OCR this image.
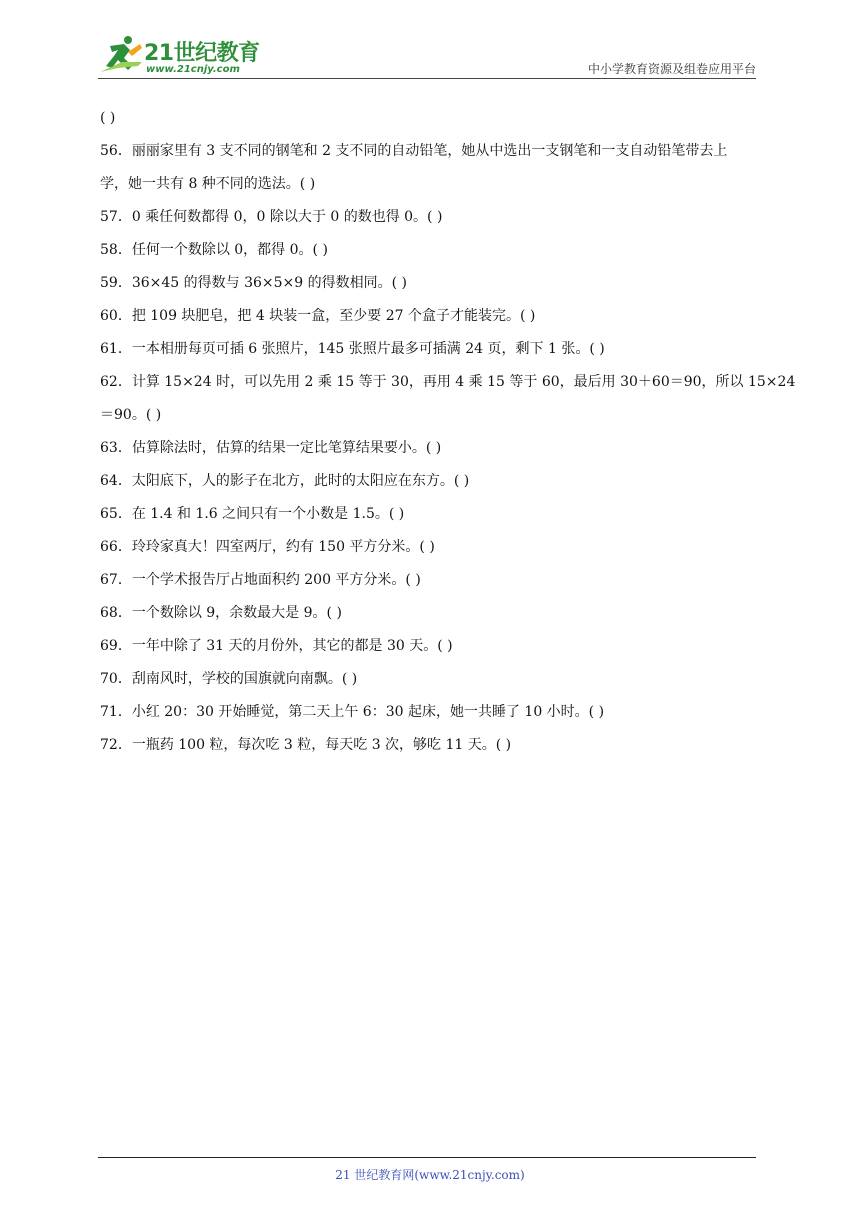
21世纪教育
www.21cnjy.com	中小学教育资源及组卷应用平台
( )
56．丽丽家里有 3 支不同的钢笔和 2 支不同的自动铅笔，她从中选出一支钢笔和一支自动铅笔带去上
学，她一共有 8 种不同的选法。( )
57．0 乘任何数都得 0，0 除以大于 0 的数也得 0。( )
58．任何一个数除以 0，都得 0。( )
59．36×45 的得数与 36×5×9 的得数相同。( )
60．把 109 块肥皂，把 4 块装一盒，至少要 27 个盒子才能装完。( )
61．一本相册每页可插 6 张照片，145 张照片最多可插满 24 页，剩下 1 张。( )
62．计算 15×24 时，可以先用 2 乘 15 等于 30，再用 4 乘 15 等于 60，最后用 30＋60＝90，所以 15×24
＝90。( )
63．估算除法时，估算的结果一定比笔算结果要小。( )
64．太阳底下，人的影子在北方，此时的太阳应在东方。( )
65．在 1.4 和 1.6 之间只有一个小数是 1.5。( )
66．玲玲家真大！四室两厅，约有 150 平方分米。( )
67．一个学术报告厅占地面积约 200 平方分米。( )
68．一个数除以 9，余数最大是 9。( )
69．一年中除了 31 天的月份外，其它的都是 30 天。( )
70．刮南风时，学校的国旗就向南飘。( )
71．小红 20：30 开始睡觉，第二天上午 6：30 起床，她一共睡了 10 小时。( )
72．一瓶药 100 粒，每次吃 3 粒，每天吃 3 次，够吃 11 天。( )
21 世纪教育网(www.21cnjy.com)
